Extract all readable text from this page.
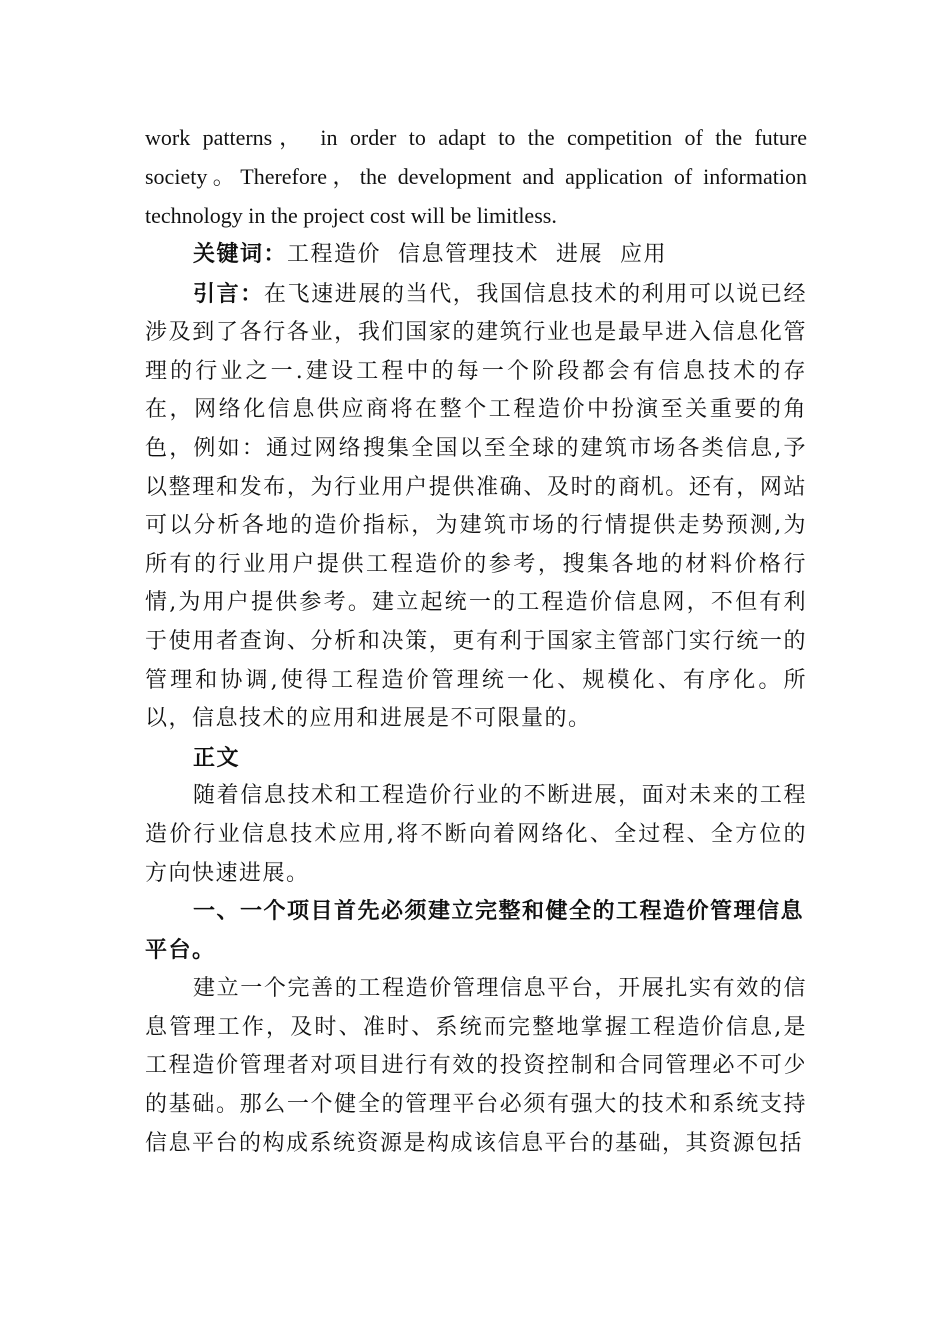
work patterns， in order to adapt to the competition of the future

society。Therefore，the development and application of information

technology in the project cost will be limitless.

关键词：工程造价  信息管理技术  进展  应用

引言：在飞速进展的当代，我国信息技术的利用可以说已经涉及到了各行各业，我们国家的建筑行业也是最早进入信息化管理的行业之一.建设工程中的每一个阶段都会有信息技术的存在，网络化信息供应商将在整个工程造价中扮演至关重要的角色，例如：通过网络搜集全国以至全球的建筑市场各类信息,予以整理和发布，为行业用户提供准确、及时的商机。还有，网站可以分析各地的造价指标，为建筑市场的行情提供走势预测,为所有的行业用户提供工程造价的参考，搜集各地的材料价格行情,为用户提供参考。建立起统一的工程造价信息网，不但有利于使用者查询、分析和决策，更有利于国家主管部门实行统一的管理和协调,使得工程造价管理统一化、规模化、有序化。所以，信息技术的应用和进展是不可限量的。

正文

随着信息技术和工程造价行业的不断进展，面对未来的工程造价行业信息技术应用,将不断向着网络化、全过程、全方位的方向快速进展。

一、一个项目首先必须建立完整和健全的工程造价管理信息平台。

建立一个完善的工程造价管理信息平台，开展扎实有效的信息管理工作，及时、准时、系统而完整地掌握工程造价信息,是工程造价管理者对项目进行有效的投资控制和合同管理必不可少的基础。那么一个健全的管理平台必须有强大的技术和系统支持信息平台的构成系统资源是构成该信息平台的基础，其资源包括
